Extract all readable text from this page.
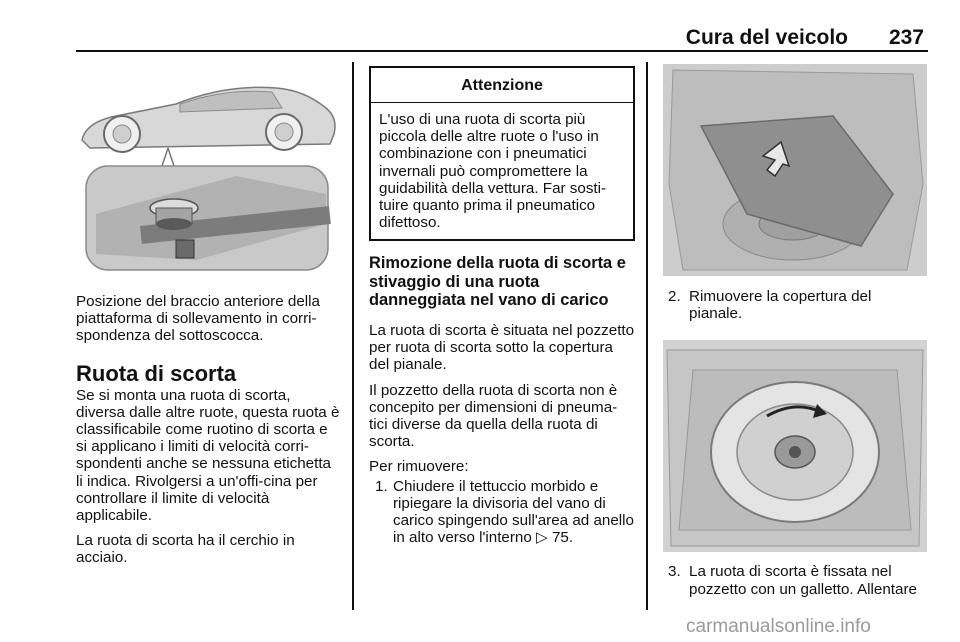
Cura del veicolo 237

Posizione del braccio anteriore della piattaforma di sollevamento in corri-spondenza del sottoscocca.

Ruota di scorta

Se si monta una ruota di scorta, diversa dalle altre ruote, questa ruota è classificabile come ruotino di scorta e si applicano i limiti di velocità corri-spondenti anche se nessuna etichetta li indica. Rivolgersi a un'offi-cina per controllare il limite di velocità applicabile.

La ruota di scorta ha il cerchio in acciaio.

Attenzione

L'uso di una ruota di scorta più piccola delle altre ruote o l'uso in combinazione con i pneumatici invernali può compromettere la guidabilità della vettura. Far sosti-tuire quanto prima il pneumatico difettoso.

Rimozione della ruota di scorta e stivaggio di una ruota danneggiata nel vano di carico

La ruota di scorta è situata nel pozzetto per ruota di scorta sotto la copertura del pianale.

Il pozzetto della ruota di scorta non è concepito per dimensioni di pneuma-tici diverse da quella della ruota di scorta.

Per rimuovere:

1. Chiudere il tettuccio morbido e ripiegare la divisoria del vano di carico spingendo sull'area ad anello in alto verso l'interno ▷ 75.

2. Rimuovere la copertura del pianale.

3. La ruota di scorta è fissata nel pozzetto con un galletto. Allentare

carmanualsonline.info
